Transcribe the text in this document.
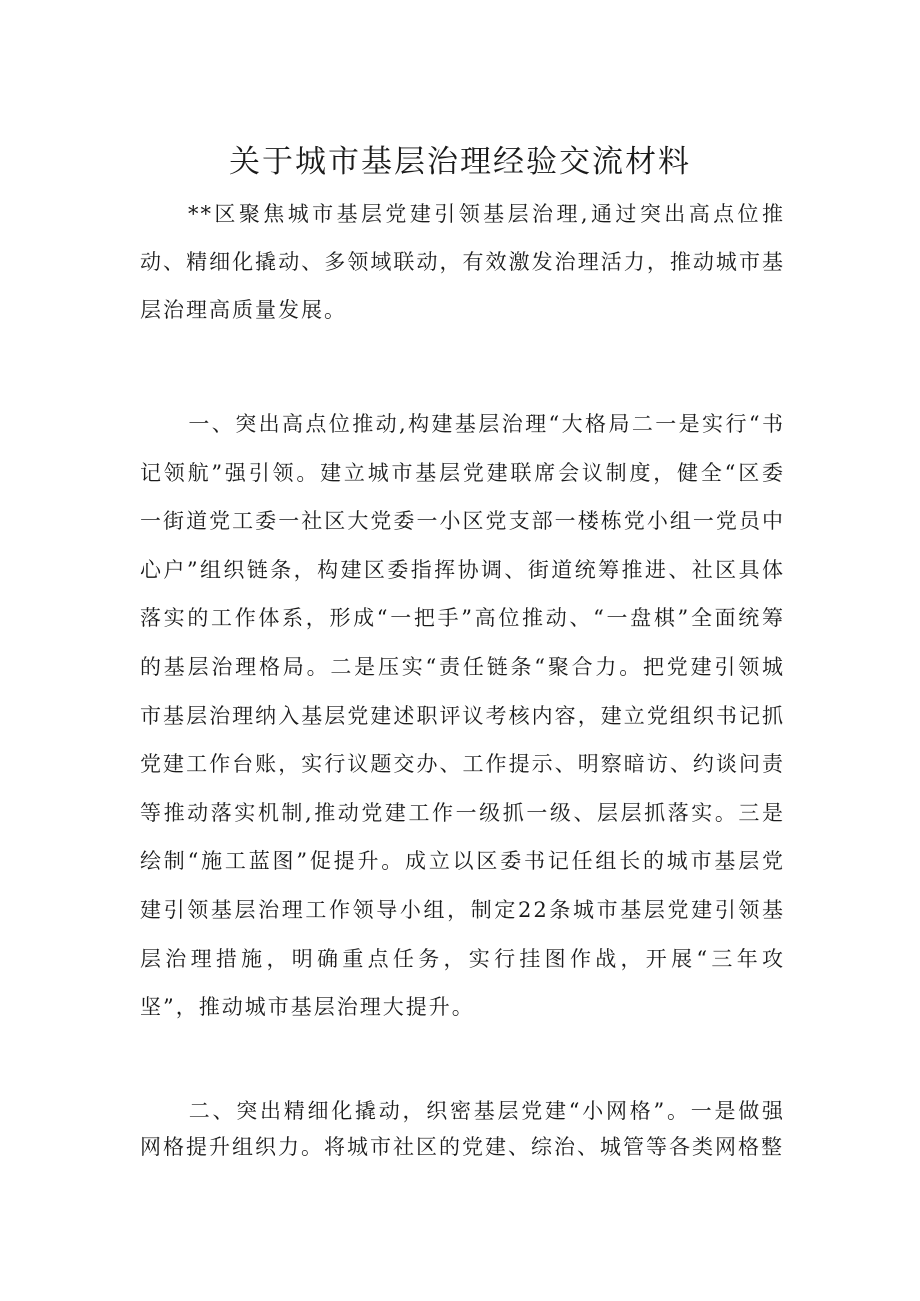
关于城市基层治理经验交流材料

**区聚焦城市基层党建引领基层治理,通过突出高点位推动、精细化撬动、多领域联动，有效激发治理活力，推动城市基层治理高质量发展。

一、突出高点位推动,构建基层治理“大格局二一是实行“书记领航”强引领。建立城市基层党建联席会议制度，健全“区委一街道党工委一社区大党委一小区党支部一楼栋党小组一党员中心户”组织链条，构建区委指挥协调、街道统筹推进、社区具体落实的工作体系，形成“一把手”高位推动、“一盘棋”全面统筹的基层治理格局。二是压实“责任链条“聚合力。把党建引领城市基层治理纳入基层党建述职评议考核内容，建立党组织书记抓党建工作台账，实行议题交办、工作提示、明察暗访、约谈问责等推动落实机制,推动党建工作一级抓一级、层层抓落实。三是绘制“施工蓝图”促提升。成立以区委书记任组长的城市基层党建引领基层治理工作领导小组，制定22条城市基层党建引领基层治理措施，明确重点任务，实行挂图作战，开展“三年攻坚”，推动城市基层治理大提升。

二、突出精细化撬动，织密基层党建“小网格”。一是做强网格提升组织力。将城市社区的党建、综治、城管等各类网格整
